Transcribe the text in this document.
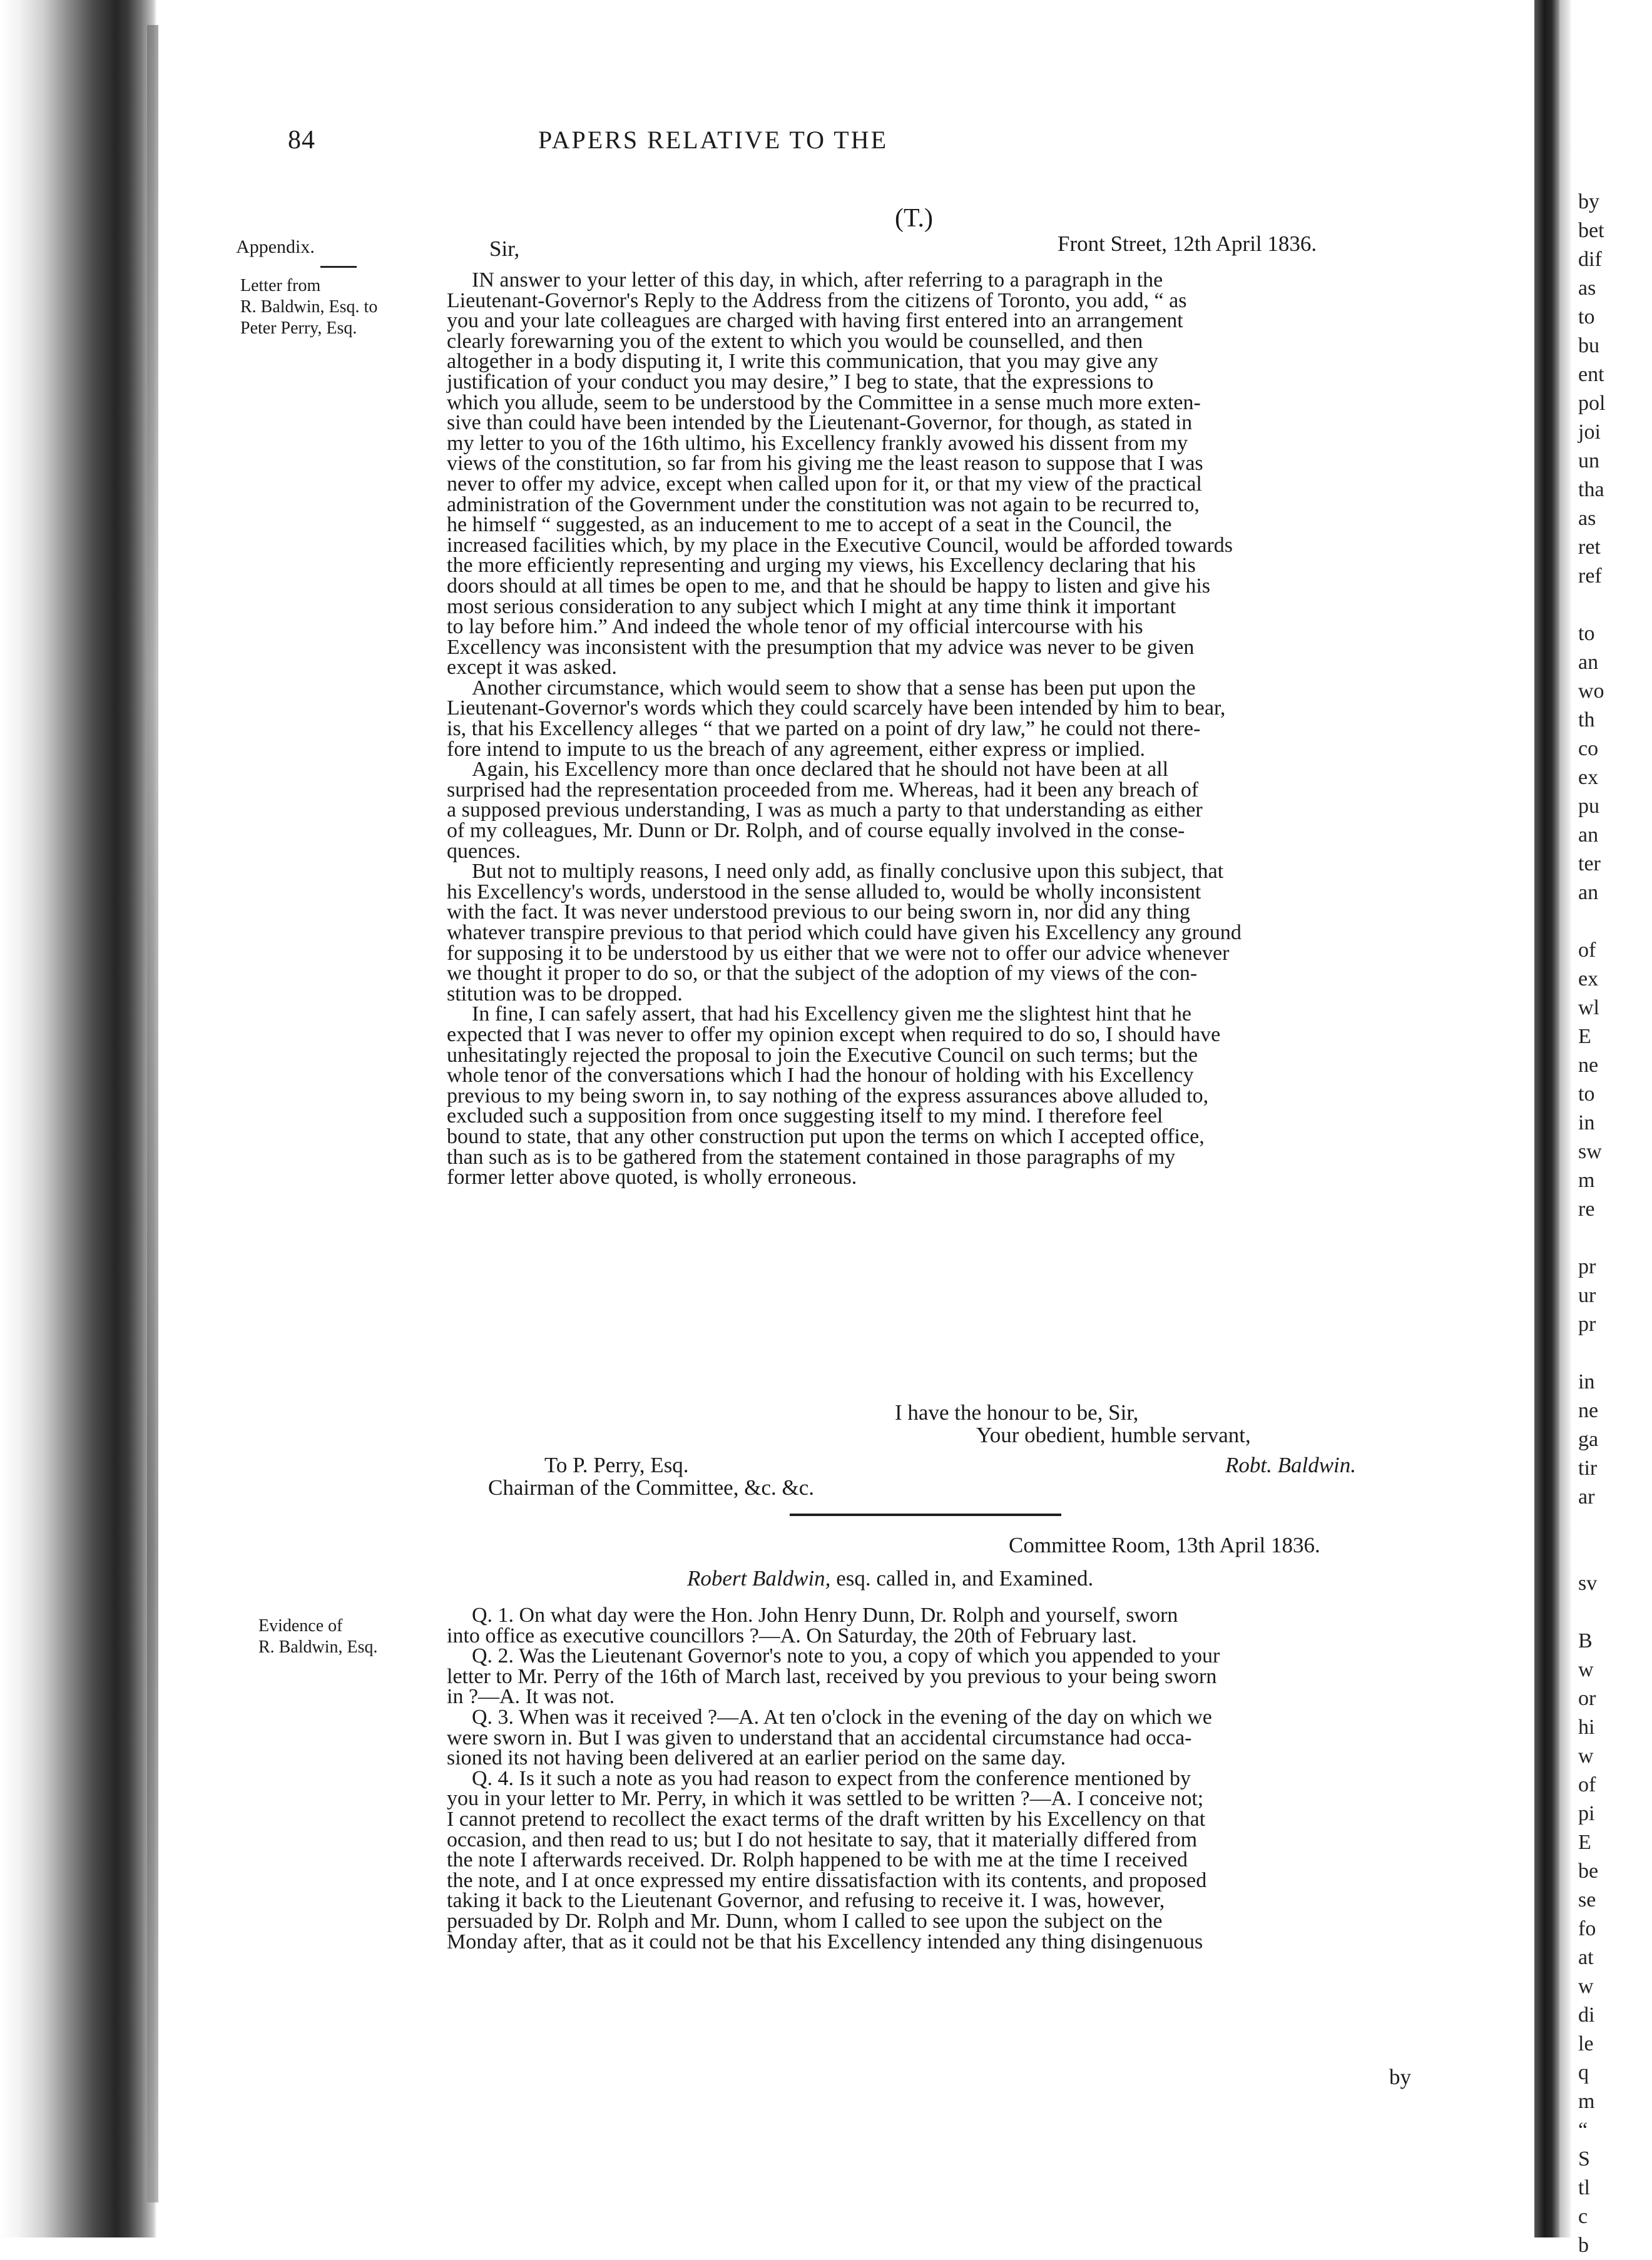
84	PAPERS RELATIVE TO THE
(T.)
Appendix.
Letter from
R. Baldwin, Esq. to
Peter Perry, Esq.
Evidence of
R. Baldwin, Esq.
Sir,	Front Street, 12th April 1836.

IN answer to your letter of this day, in which, after referring to a paragraph in the
Lieutenant-Governor's Reply to the Address from the citizens of Toronto, you add, “ as
you and your late colleagues are charged with having first entered into an arrangement
clearly forewarning you of the extent to which you would be counselled, and then
altogether in a body disputing it, I write this communication, that you may give any
justification of your conduct you may desire,” I beg to state, that the expressions to
which you allude, seem to be understood by the Committee in a sense much more exten-
sive than could have been intended by the Lieutenant-Governor, for though, as stated in
my letter to you of the 16th ultimo, his Excellency frankly avowed his dissent from my
views of the constitution, so far from his giving me the least reason to suppose that I was
never to offer my advice, except when called upon for it, or that my view of the practical
administration of the Government under the constitution was not again to be recurred to,
he himself “ suggested, as an inducement to me to accept of a seat in the Council, the
increased facilities which, by my place in the Executive Council, would be afforded towards
the more efficiently representing and urging my views, his Excellency declaring that his
doors should at all times be open to me, and that he should be happy to listen and give his
most serious consideration to any subject which I might at any time think it important
to lay before him.” And indeed the whole tenor of my official intercourse with his
Excellency was inconsistent with the presumption that my advice was never to be given
except it was asked.

Another circumstance, which would seem to show that a sense has been put upon the
Lieutenant-Governor's words which they could scarcely have been intended by him to bear,
is, that his Excellency alleges “ that we parted on a point of dry law,” he could not there-
fore intend to impute to us the breach of any agreement, either express or implied.

Again, his Excellency more than once declared that he should not have been at all
surprised had the representation proceeded from me. Whereas, had it been any breach of
a supposed previous understanding, I was as much a party to that understanding as either
of my colleagues, Mr. Dunn or Dr. Rolph, and of course equally involved in the conse-
quences.

But not to multiply reasons, I need only add, as finally conclusive upon this subject, that
his Excellency's words, understood in the sense alluded to, would be wholly inconsistent
with the fact. It was never understood previous to our being sworn in, nor did any thing
whatever transpire previous to that period which could have given his Excellency any ground
for supposing it to be understood by us either that we were not to offer our advice whenever
we thought it proper to do so, or that the subject of the adoption of my views of the con-
stitution was to be dropped.

In fine, I can safely assert, that had his Excellency given me the slightest hint that he
expected that I was never to offer my opinion except when required to do so, I should have
unhesitatingly rejected the proposal to join the Executive Council on such terms; but the
whole tenor of the conversations which I had the honour of holding with his Excellency
previous to my being sworn in, to say nothing of the express assurances above alluded to,
excluded such a supposition from once suggesting itself to my mind. I therefore feel
bound to state, that any other construction put upon the terms on which I accepted office,
than such as is to be gathered from the statement contained in those paragraphs of my
former letter above quoted, is wholly erroneous.

I have the honour to be, Sir,
Your obedient, humble servant,
Robt. Baldwin.
To P. Perry, Esq.
Chairman of the Committee, &c. &c.
Committee Room, 13th April 1836.
Robert Baldwin, esq. called in, and Examined.

Q. 1. On what day were the Hon. John Henry Dunn, Dr. Rolph and yourself, sworn
into office as executive councillors ?—A. On Saturday, the 20th of February last.

Q. 2. Was the Lieutenant Governor's note to you, a copy of which you appended to your
letter to Mr. Perry of the 16th of March last, received by you previous to your being sworn
in ?—A. It was not.

Q. 3. When was it received ?—A. At ten o'clock in the evening of the day on which we
were sworn in. But I was given to understand that an accidental circumstance had occa-
sioned its not having been delivered at an earlier period on the same day.

Q. 4. Is it such a note as you had reason to expect from the conference mentioned by
you in your letter to Mr. Perry, in which it was settled to be written ?—A. I conceive not;
I cannot pretend to recollect the exact terms of the draft written by his Excellency on that
occasion, and then read to us; but I do not hesitate to say, that it materially differed from
the note I afterwards received. Dr. Rolph happened to be with me at the time I received
the note, and I at once expressed my entire dissatisfaction with its contents, and proposed
taking it back to the Lieutenant Governor, and refusing to receive it. I was, however,
persuaded by Dr. Rolph and Mr. Dunn, whom I called to see upon the subject on the
Monday after, that as it could not be that his Excellency intended any thing disingenuous

by
by
bet
dif
as
to
bu
ent
pol
joi
un
tha
as
ret
ref
to
an
wo
th
co
ex
pu
an
ter
an
of
ex
wl
E
ne
to
in
sw
m
re
pr
ur
pr
in
ne
ga
tir
ar
sv
B
w
or
hi
w
of
pi
E
be
se
fo
at
w
di
le
q
m
“
S
tl
c
b
